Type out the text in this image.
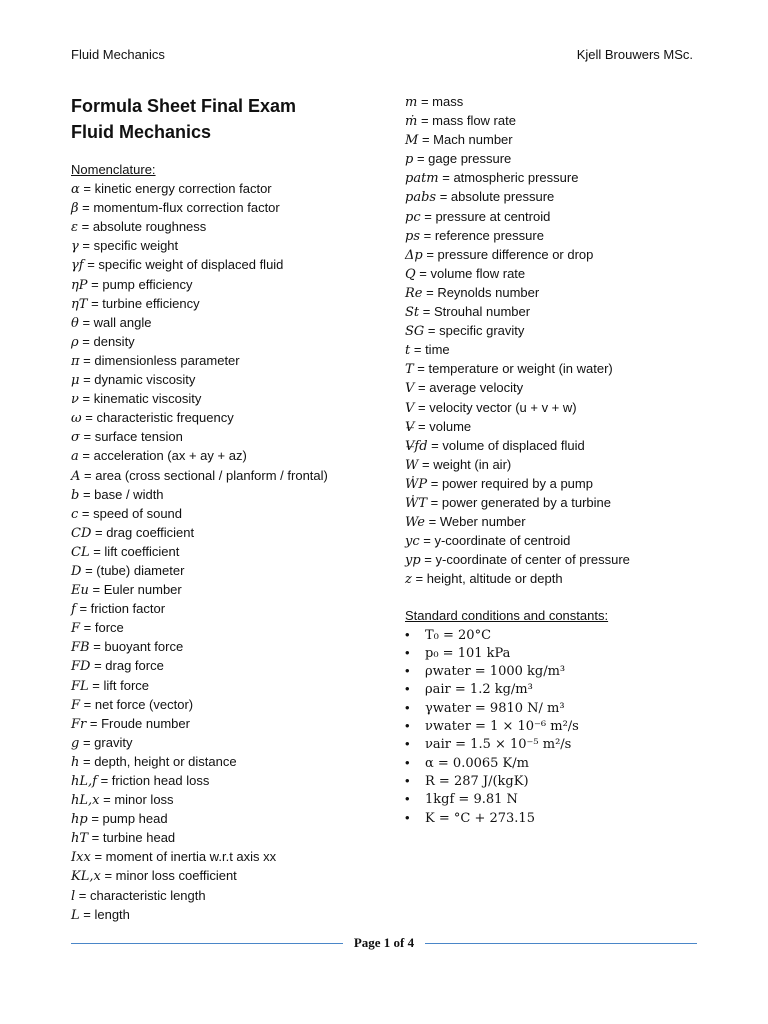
Fluid Mechanics	Kjell Brouwers MSc.
Formula Sheet Final Exam
Fluid Mechanics
Nomenclature:
α = kinetic energy correction factor
β = momentum-flux correction factor
ε = absolute roughness
γ = specific weight
γf = specific weight of displaced fluid
ηP = pump efficiency
ηT = turbine efficiency
θ = wall angle
ρ = density
π = dimensionless parameter
μ = dynamic viscosity
ν = kinematic viscosity
ω = characteristic frequency
σ = surface tension
a = acceleration (ax + ay + az)
A = area (cross sectional / planform / frontal)
b = base / width
c = speed of sound
CD = drag coefficient
CL = lift coefficient
D = (tube) diameter
Eu = Euler number
f = friction factor
F = force
FB = buoyant force
FD = drag force
FL = lift force
F = net force (vector)
Fr = Froude number
g = gravity
h = depth, height or distance
hL,f = friction head loss
hL,x = minor loss
hp = pump head
hT = turbine head
Ixx = moment of inertia w.r.t axis xx
KL,x = minor loss coefficient
l = characteristic length
L = length
m = mass
ṁ = mass flow rate
M = Mach number
p = gage pressure
patm = atmospheric pressure
pabs = absolute pressure
pc = pressure at centroid
ps = reference pressure
Δp = pressure difference or drop
Q = volume flow rate
Re = Reynolds number
St = Strouhal number
SG = specific gravity
t = time
T = temperature or weight (in water)
V = average velocity
V = velocity vector (u + v + w)
V̶ = volume
V̶fd = volume of displaced fluid
W = weight (in air)
ẆP = power required by a pump
ẆT = power generated by a turbine
We = Weber number
yc = y-coordinate of centroid
yp = y-coordinate of center of pressure
z = height, altitude or depth
Standard conditions and constants:
• T₀ = 20°C
• p₀ = 101 kPa
• ρwater = 1000 kg/m³
• ρair = 1.2 kg/m³
• γwater = 9810 N/ m³
• νwater = 1 × 10⁻⁶ m²/s
• νair = 1.5 × 10⁻⁵ m²/s
• α = 0.0065 K/m
• R = 287 J/(kgK)
• 1kgf = 9.81 N
• K = °C + 273.15
Page 1 of 4
